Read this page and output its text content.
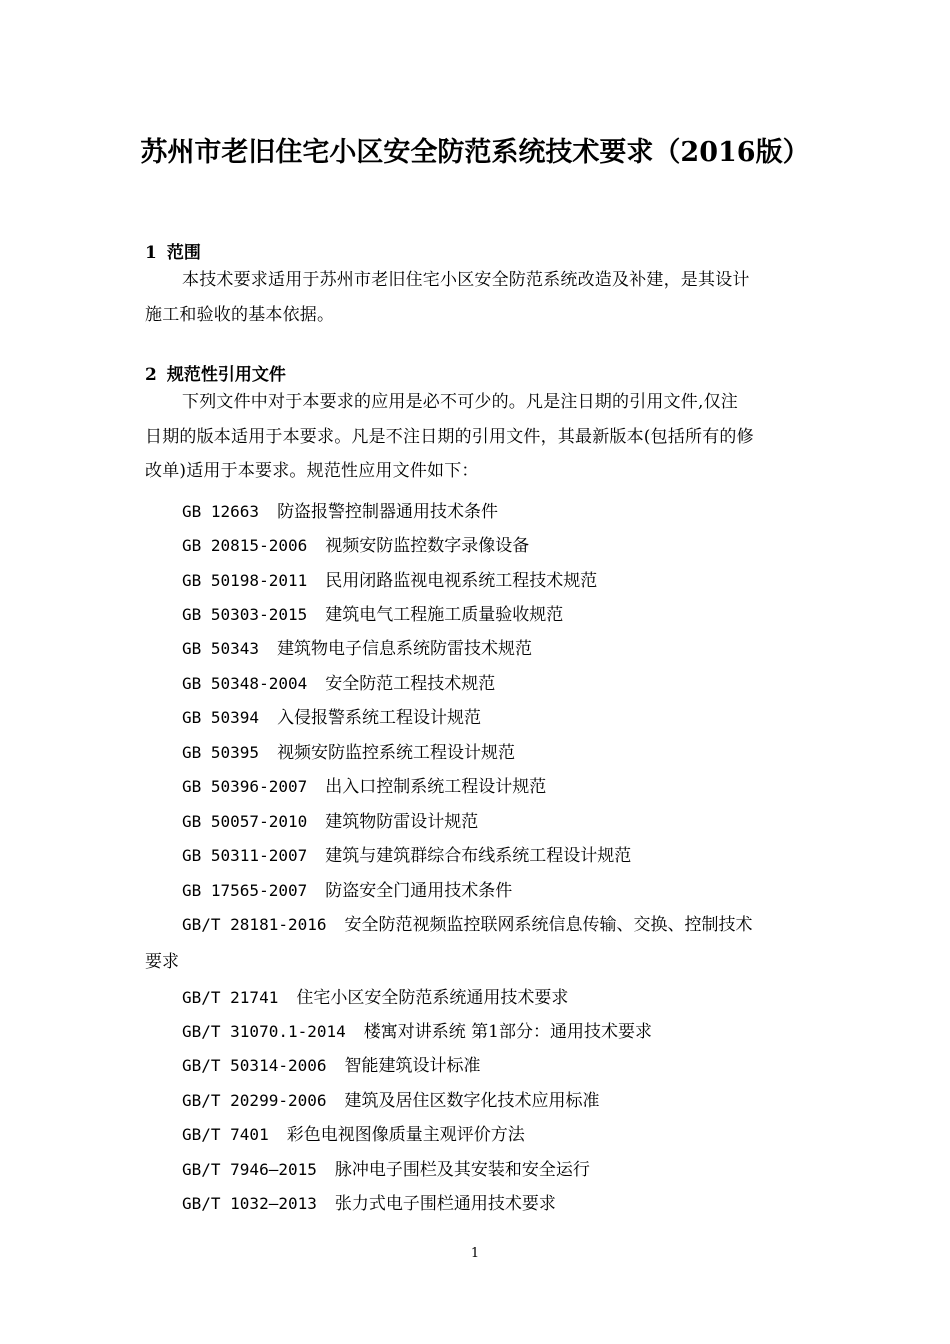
苏州市老旧住宅小区安全防范系统技术要求（2016版）
1 范围
本技术要求适用于苏州市老旧住宅小区安全防范系统改造及补建，是其设计
施工和验收的基本依据。
2 规范性引用文件
下列文件中对于本要求的应用是必不可少的。凡是注日期的引用文件,仅注
日期的版本适用于本要求。凡是不注日期的引用文件，其最新版本(包括所有的修
改单)适用于本要求。规范性应用文件如下：
GB 12663 防盗报警控制器通用技术条件
GB 20815-2006 视频安防监控数字录像设备
GB 50198-2011 民用闭路监视电视系统工程技术规范
GB 50303-2015 建筑电气工程施工质量验收规范
GB 50343 建筑物电子信息系统防雷技术规范
GB 50348-2004 安全防范工程技术规范
GB 50394 入侵报警系统工程设计规范
GB 50395 视频安防监控系统工程设计规范
GB 50396-2007 出入口控制系统工程设计规范
GB 50057-2010 建筑物防雷设计规范
GB 50311-2007 建筑与建筑群综合布线系统工程设计规范
GB 17565-2007 防盗安全门通用技术条件
GB/T 28181-2016 安全防范视频监控联网系统信息传输、交换、控制技术
要求
GB/T 21741 住宅小区安全防范系统通用技术要求
GB/T 31070.1-2014 楼寓对讲系统 第1部分：通用技术要求
GB/T 50314-2006 智能建筑设计标准
GB/T 20299-2006 建筑及居住区数字化技术应用标准
GB/T 7401 彩色电视图像质量主观评价方法
GB/T 7946—2015 脉冲电子围栏及其安装和安全运行
GB/T 1032—2013 张力式电子围栏通用技术要求
1
